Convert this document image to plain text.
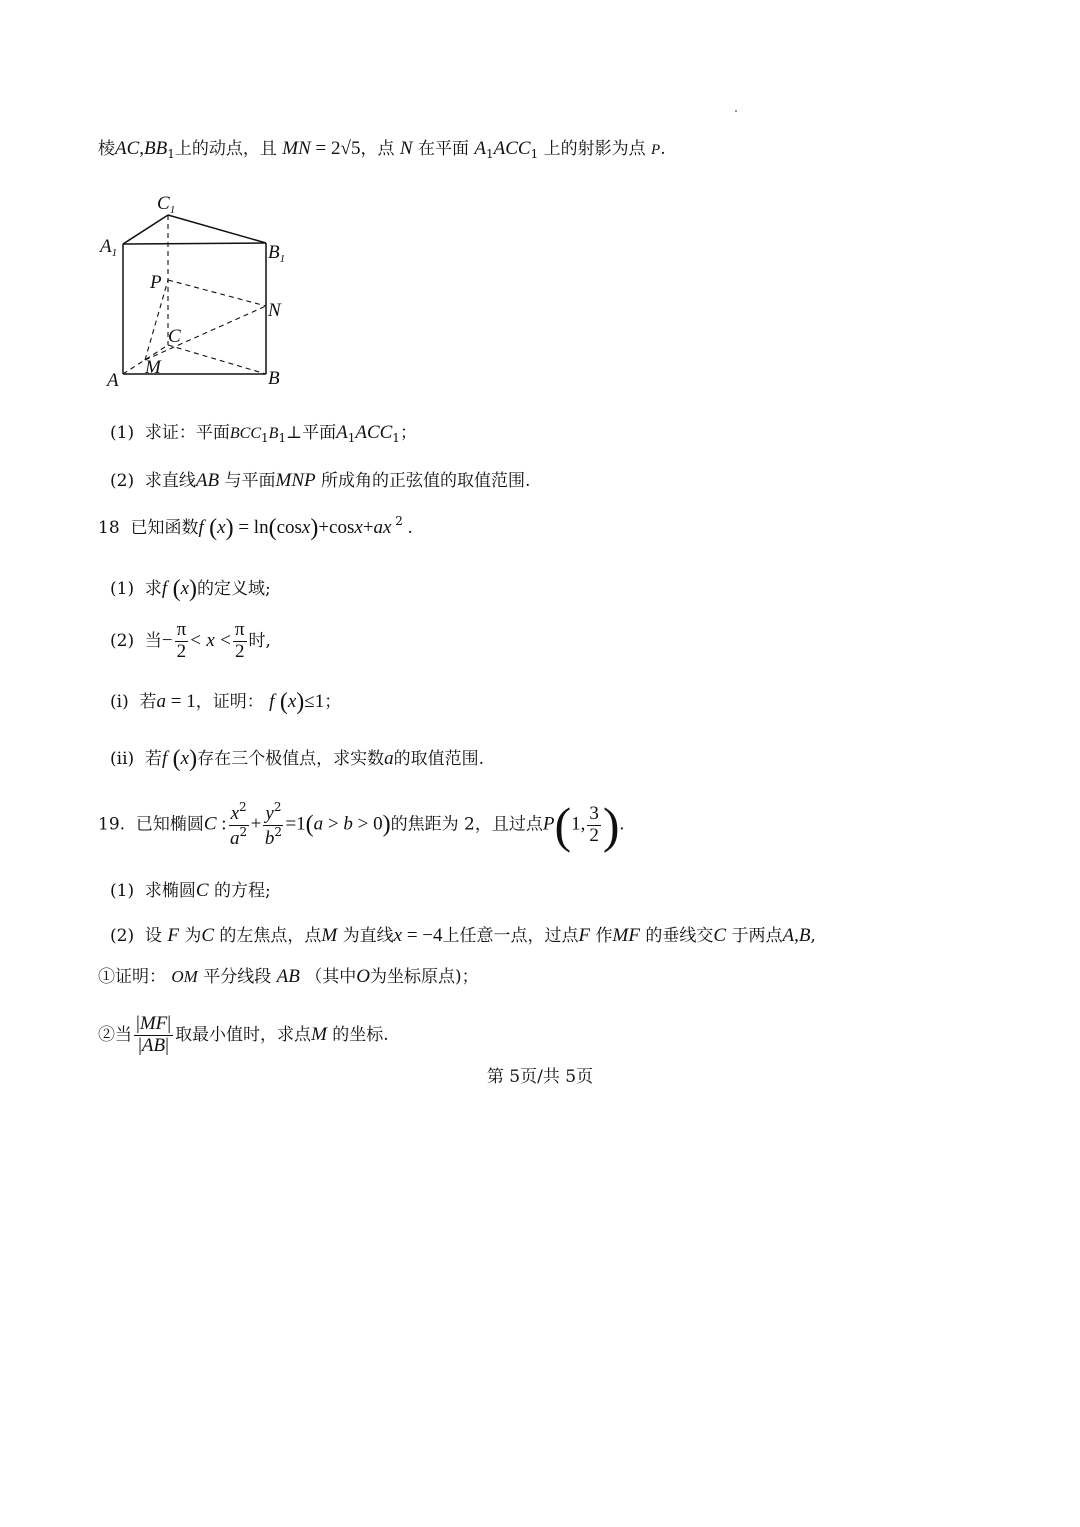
棱$AC,BB_1$上的动点，且 MN = 2√5，点 N 在平面 $A_1ACC_1$ 上的射影为点 P.
$C_1$
$A_1$	$B_1$
P
N
C
M
A	B
(1) 求证：平面$BCC_1B_1\perp$平面$A_1ACC_1$；
(2) 求直线AB 与平面MNP 所成角的正弦值的取值范围.
18 已知函数f (x) = ln(cosx)+cosx+ax $^2$ .
(1) 求f (x)的定义域;
(2) 当− $\frac{\pi}{2} < x < \frac{\pi}{2}$ 时,
(i) 若a = 1，证明： f (x)≤1；
(ii) 若f (x)存在三个极值点，求实数a的取值范围.
19. 已知椭圆C : $\frac{x^2}{a^2} + \frac{y^2}{b^2} =1(a > b > 0)$的焦距为 2，且过点P(1, $\frac{3}{2}$ ).
(1) 求椭圆C 的方程;
(2) 设 F 为C 的左焦点，点M 为直线x = −4上任意一点，过点F 作MF 的垂线交C 于两点A,B,
①证明： OM 平分线段 AB （其中O为坐标原点)；
②当 $\frac{|MF|}{|AB|}$ 取最小值时，求点M 的坐标.
第 5页/共 5页
